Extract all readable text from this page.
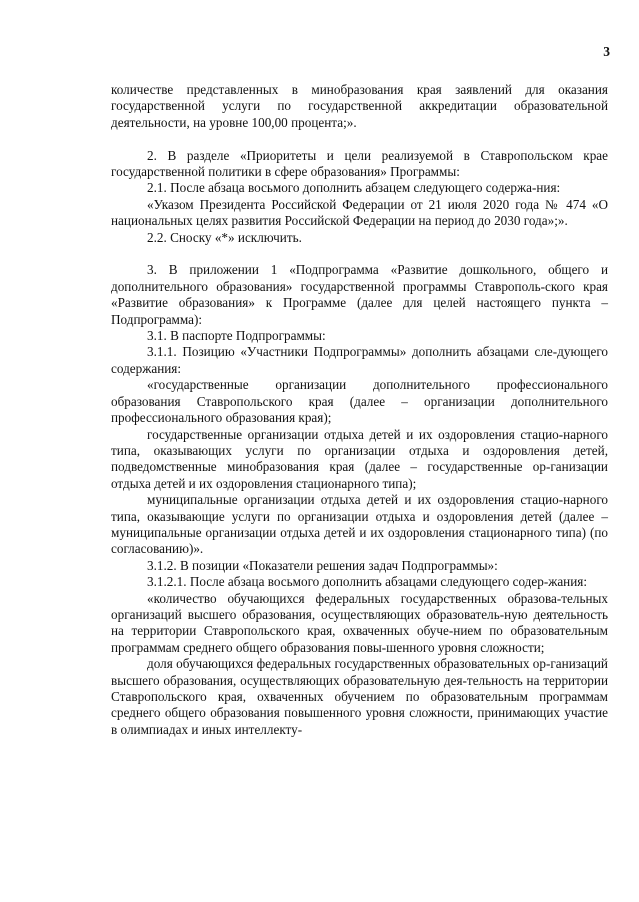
3

количестве представленных в минобразования края заявлений для оказания государственной услуги по государственной аккредитации образовательной деятельности, на уровне 100,00 процента;».

2. В разделе «Приоритеты и цели реализуемой в Ставропольском крае государственной политики в сфере образования» Программы:

2.1. После абзаца восьмого дополнить абзацем следующего содержа-ния:

«Указом Президента Российской Федерации от 21 июля 2020 года № 474 «О национальных целях развития Российской Федерации на период до 2030 года»;».

2.2. Сноску «*» исключить.

3. В приложении 1 «Подпрограмма «Развитие дошкольного, общего и дополнительного образования» государственной программы Ставрополь-ского края «Развитие образования» к Программе (далее для целей настоящего пункта – Подпрограмма):

3.1. В паспорте Подпрограммы:

3.1.1. Позицию «Участники Подпрограммы» дополнить абзацами сле-дующего содержания:

«государственные организации дополнительного профессионального образования Ставропольского края (далее – организации дополнительного профессионального образования края);

государственные организации отдыха детей и их оздоровления стацио-нарного типа, оказывающих услуги по организации отдыха и оздоровления детей, подведомственные минобразования края (далее – государственные ор-ганизации отдыха детей и их оздоровления стационарного типа);

муниципальные организации отдыха детей и их оздоровления стацио-нарного типа, оказывающие услуги по организации отдыха и оздоровления детей (далее – муниципальные организации отдыха детей и их оздоровления стационарного типа) (по согласованию)».

3.1.2. В позиции «Показатели решения задач Подпрограммы»:

3.1.2.1. После абзаца восьмого дополнить абзацами следующего содер-жания:

«количество обучающихся федеральных государственных образова-тельных организаций высшего образования, осуществляющих образователь-ную деятельность на территории Ставропольского края, охваченных обуче-нием по образовательным программам среднего общего образования повы-шенного уровня сложности;

доля обучающихся федеральных государственных образовательных ор-ганизаций высшего образования, осуществляющих образовательную дея-тельность на территории Ставропольского края, охваченных обучением по образовательным программам среднего общего образования повышенного уровня сложности, принимающих участие в олимпиадах и иных интеллекту-
